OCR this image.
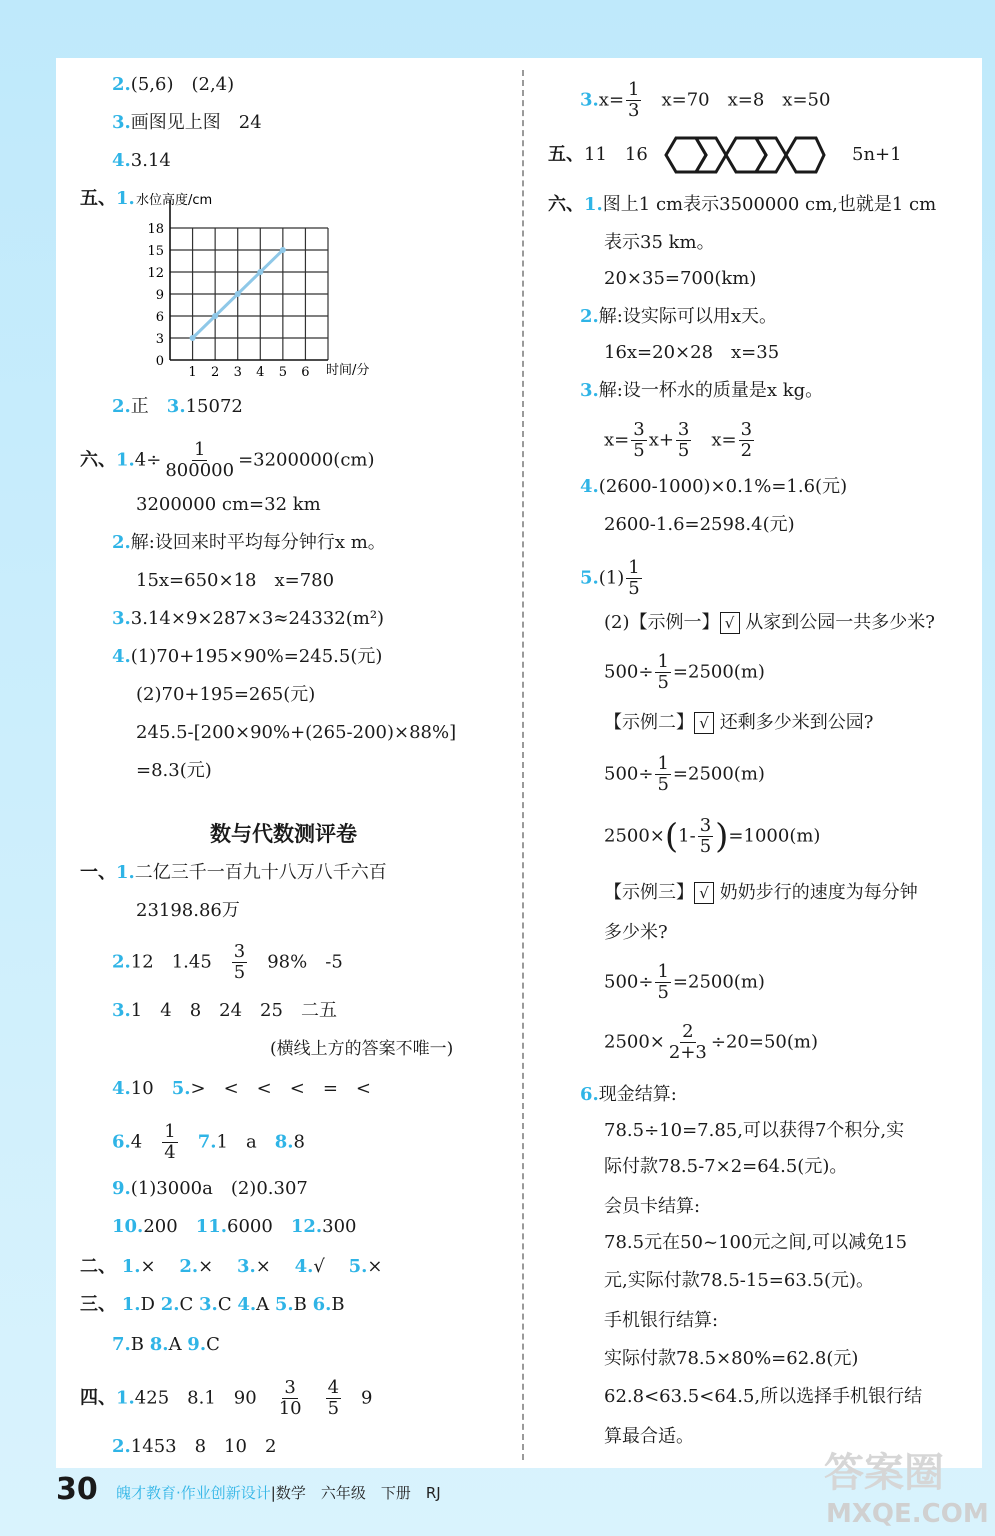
2.(5,6)　(2,4)
3.画图见上图　24
4.3.14
五、1.
1 2 3 4 5 6
0
3
6
9
12
15
18
水位高度/cm
时间/分
2.正　 3.15072
六、$1.4\div \frac{1}{800000} =3200000(cm)$
3200000 cm=32 km
2.解:设回来时平均每分钟行x m。
15x=650×18　x=780
3.3.14×9×287×3≈24332(m²)
4.(1)70+195×90%=245.5(元)
(2)70+195=265(元)
245.5-[200×90%+(265-200)×88%]
=8.3(元)
数与代数测评卷
一、1.二亿三千一百九十八万八千六百
23198.86万
2.12　1.45　 $\frac{3}{5}$
　 98%　-5
3.1　4　8　24　25　二五
(横线上方的答案不唯一)
4.10　 5.>　<　<　<　=　<
6.4　 $\frac{1}{4}$
　 7.1　a　 8.8
9.(1)3000a　(2)0.307
10.200　 11.6000　 12.300
二、 1.×　 2.×　 3.×　 4.√　 5.×
三、 1.D 2.C 3.C 4.A 5.B 6.B
7.B 8.A 9.C
四、1.425　8.1　90　 $\frac{3}{10}$
　 $\frac{4}{5}$
　 9
2.1453　8　10　2
$3.x= \frac{1}{3}$
　 x=70　x=8　x=50
五、11　16	5n+1
六、1.图上1 cm表示3500000 cm,也就是1 cm
表示35 km。
20×35=700(km)
2.解:设实际可以用x天。
16x=20×28　x=35
3.解:设一杯水的质量是x kg。
$x= \frac{3}{5} x+ \frac{3}{5}$
　 $x= \frac{3}{2}$
4.(2600-1000)×0.1%=1.6(元)
2600-1.6=2598.4(元)
$5.(1) \frac{1}{5}$
(2)【示例一】 √ 从家到公园一共多少米?
$500\div \frac{1}{5} =2500(m)$
【示例二】 √ 还剩多少米到公园?
$500\div \frac{1}{5} =2500(m)$
$2500\times(1- \frac{3}{5} )=1000(m)$
【示例三】 √ 奶奶步行的速度为每分钟
多少米?
$500\div \frac{1}{5} =2500(m)$
$2500\times \frac{2}{2+3} \div 20=50(m)$
6.现金结算:
78.5÷10=7.85,可以获得7个积分,实
际付款78.5-7×2=64.5(元)。
会员卡结算:
78.5元在50~100元之间,可以减免15
元,实际付款78.5-15=63.5(元)。
手机银行结算:
实际付款78.5×80%=62.8(元)
62.8<63.5<64.5,所以选择手机银行结
算最合适。
30 魄才教育·作业创新设计|数学　六年级　下册　RJ	答案圈
MXQE.COM
